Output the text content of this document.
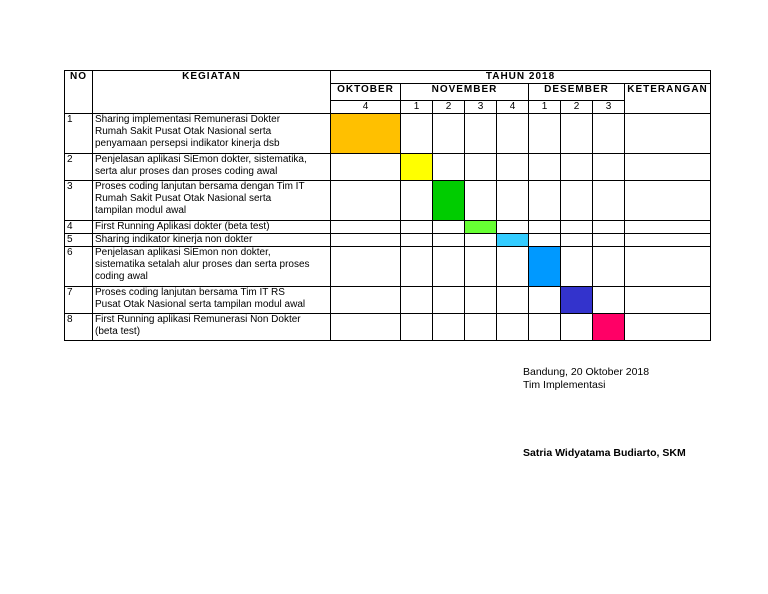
NO	KEGIATAN	TAHUN 2018								
		OKTOBER	NOVEMBER				DESEMBER			KETERANGAN
		4	1	2	3	4	1	2	3	
1	Sharing implementasi Remunerasi Dokter
Rumah Sakit Pusat Otak Nasional serta
penyamaan persepsi indikator kinerja dsb									

2	Penjelasan aplikasi SiEmon dokter, sistematika,
serta alur proses dan proses coding awal									

3	Proses coding lanjutan bersama dengan Tim IT
Rumah Sakit Pusat Otak Nasional serta
tampilan modul awal									

4	First Running Aplikasi dokter (beta test)									

5	Sharing indikator kinerja non dokter									

6	Penjelasan aplikasi SiEmon non dokter,
sistematika setalah alur proses dan serta proses
coding awal									

7	Proses coding lanjutan bersama Tim IT RS
Pusat Otak Nasional serta tampilan modul awal									

8	First Running aplikasi Remunerasi Non Dokter
(beta test)									

Bandung, 20 Oktober 2018
Tim Implementasi
Satria Widyatama Budiarto, SKM
